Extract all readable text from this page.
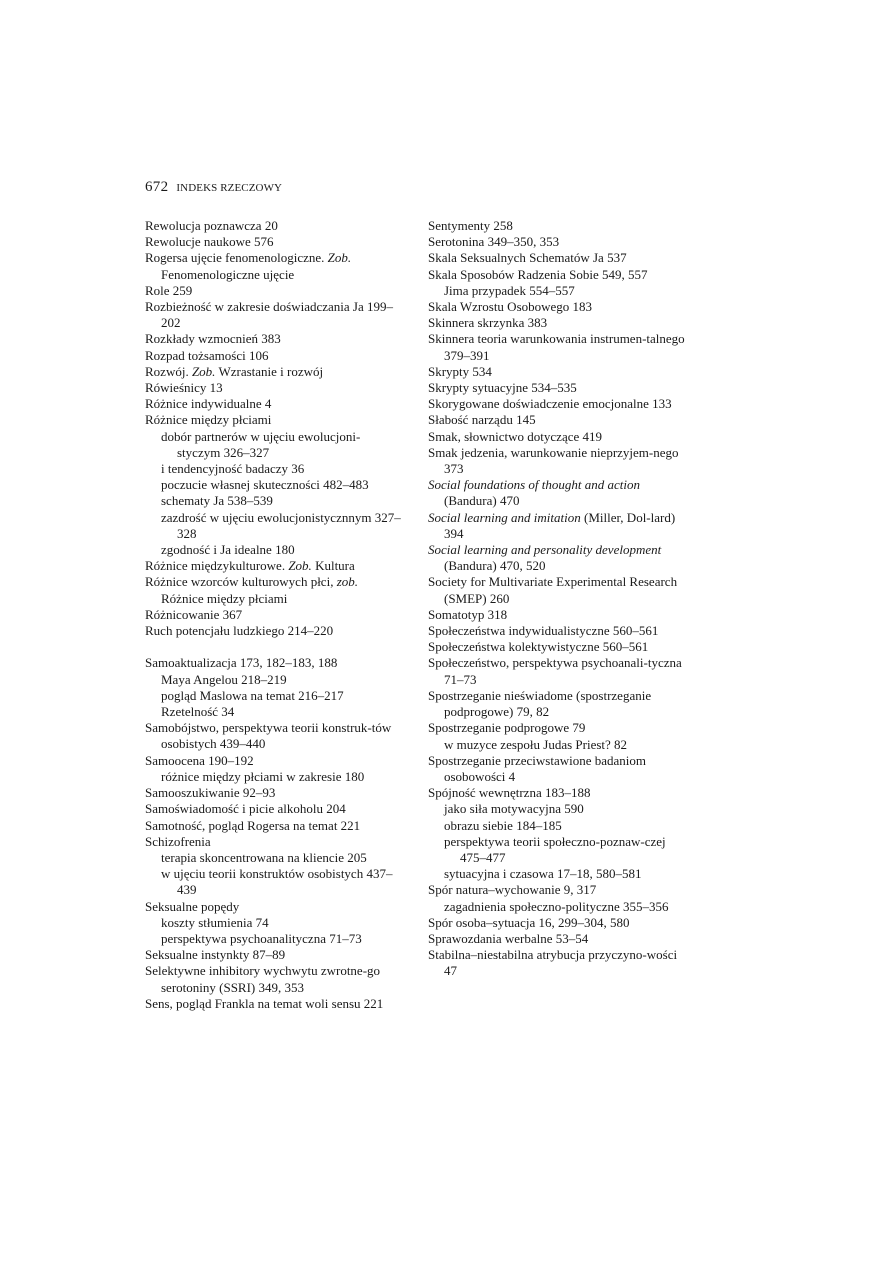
672 INDEKS RZECZOWY
Rewolucja poznawcza 20
Rewolucje naukowe 576
Rogersa ujęcie fenomenologiczne. Zob. Fenomenologiczne ujęcie
Role 259
Rozbieżność w zakresie doświadczania Ja 199–202
Rozkłady wzmocnień 383
Rozpad tożsamości 106
Rozwój. Zob. Wzrastanie i rozwój
Rówieśnicy 13
Różnice indywidualne 4
Różnice między płciami
dobór partnerów w ujęciu ewolucjoni-styczym 326–327
i tendencyjność badaczy 36
poczucie własnej skuteczności 482–483
schematy Ja 538–539
zazdrość w ujęciu ewolucjonistycznnym 327–328
zgodność i Ja idealne 180
Różnice międzykulturowe. Zob. Kultura
Różnice wzorców kulturowych płci, zob. Różnice między płciami
Różnicowanie 367
Ruch potencjału ludzkiego 214–220
Samoaktualizacja 173, 182–183, 188
Maya Angelou 218–219
pogląd Maslowa na temat 216–217
Rzetelność 34
Samobójstwo, perspektywa teorii konstruk-tów osobistych 439–440
Samoocena 190–192
różnice między płciami w zakresie 180
Samooszukiwanie 92–93
Samoświadomość i picie alkoholu 204
Samotność, pogląd Rogersa na temat 221
Schizofrenia
terapia skoncentrowana na kliencie 205
w ujęciu teorii konstruktów osobistych 437–439
Seksualne popędy
koszty stłumienia 74
perspektywa psychoanalityczna 71–73
Seksualne instynkty 87–89
Selektywne inhibitory wychwytu zwrotne-go serotoniny (SSRI) 349, 353
Sens, pogląd Frankla na temat woli sensu 221
Sentymenty 258
Serotonina 349–350, 353
Skala Seksualnych Schematów Ja 537
Skala Sposobów Radzenia Sobie 549, 557
Jima przypadek 554–557
Skala Wzrostu Osobowego 183
Skinnera skrzynka 383
Skinnera teoria warunkowania instrumen-talnego 379–391
Skrypty 534
Skrypty sytuacyjne 534–535
Skorygowane doświadczenie emocjonalne 133
Słabość narządu 145
Smak, słownictwo dotyczące 419
Smak jedzenia, warunkowanie nieprzyjem-nego 373
Social foundations of thought and action (Bandura) 470
Social learning and imitation (Miller, Dol-lard) 394
Social learning and personality development (Bandura) 470, 520
Society for Multivariate Experimental Research (SMEP) 260
Somatotyp 318
Społeczeństwa indywidualistyczne 560–561
Społeczeństwa kolektywistyczne 560–561
Społeczeństwo, perspektywa psychoanali-tyczna 71–73
Spostrzeganie nieświadome (spostrzeganie podprogowe) 79, 82
Spostrzeganie podprogowe 79
w muzyce zespołu Judas Priest? 82
Spostrzeganie przeciwstawione badaniom osobowości 4
Spójność wewnętrzna 183–188
jako siła motywacyjna 590
obrazu siebie 184–185
perspektywa teorii społeczno-poznaw-czej 475–477
sytuacyjna i czasowa 17–18, 580–581
Spór natura–wychowanie 9, 317
zagadnienia społeczno-polityczne 355–356
Spór osoba–sytuacja 16, 299–304, 580
Sprawozdania werbalne 53–54
Stabilna–niestabilna atrybucja przyczyno-wości 47
